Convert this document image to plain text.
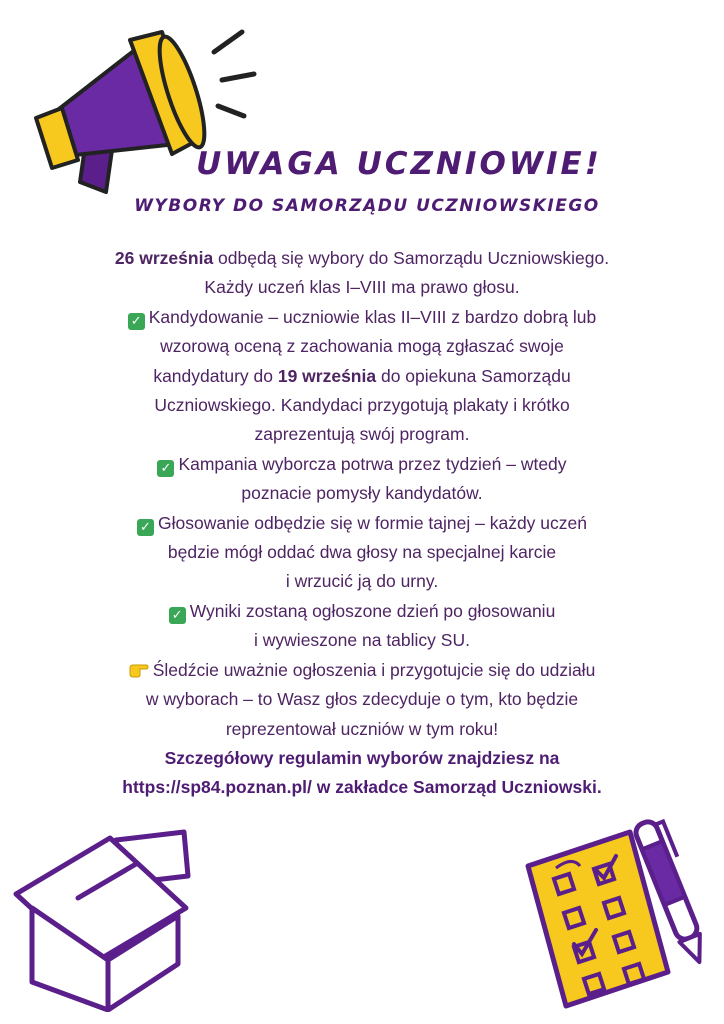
UWAGA UCZNIOWIE!
WYBORY DO SAMORZĄDU UCZNIOWSKIEGO
26 września odbędą się wybory do Samorządu Uczniowskiego.
Każdy uczeń klas I–VIII ma prawo głosu.
✓ Kandydowanie – uczniowie klas II–VIII z bardzo dobrą lub
wzorową oceną z zachowania mogą zgłaszać swoje
kandydatury do 19 września do opiekuna Samorządu
Uczniowskiego. Kandydaci przygotują plakaty i krótko
zaprezentują swój program.
✓ Kampania wyborcza potrwa przez tydzień – wtedy
poznacie pomysły kandydatów.
✓ Głosowanie odbędzie się w formie tajnej – każdy uczeń
będzie mógł oddać dwa głosy na specjalnej karcie
i wrzucić ją do urny.
✓ Wyniki zostaną ogłoszone dzień po głosowaniu
i wywieszone na tablicy SU.
Śledźcie uważnie ogłoszenia i przygotujcie się do udziału
w wyborach – to Wasz głos zdecyduje o tym, kto będzie
reprezentował uczniów w tym roku!
Szczegółowy regulamin wyborów znajdziesz na
https://sp84.poznan.pl/ w zakładce Samorząd Uczniowski.
